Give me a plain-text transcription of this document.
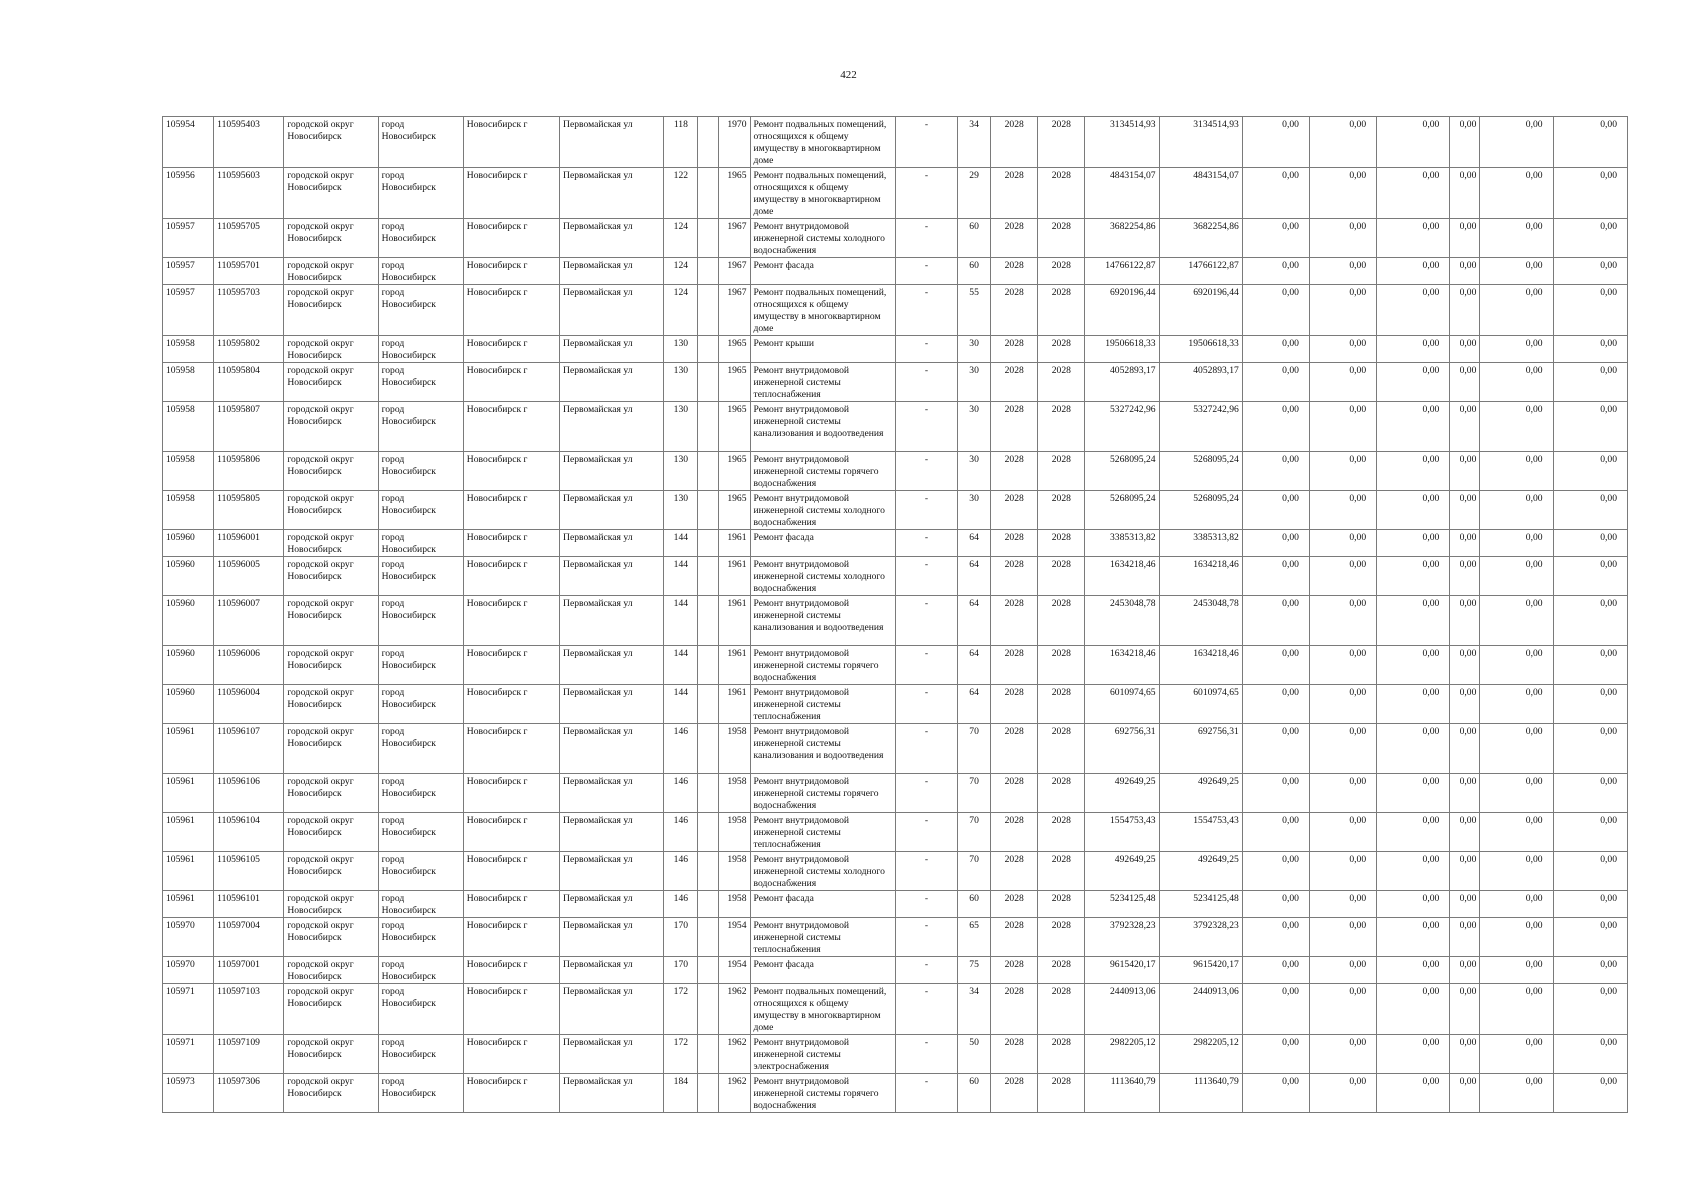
422
105954	110595403	городской округ Новосибирск	город Новосибирск	Новосибирск г	Первомайская ул	118		1970	Ремонт подвальных помещений, относящихся к общему имуществу в многоквартирном доме	-	34	2028	2028	3134514,93	3134514,93	0,00	0,00	0,00	0,00	0,00	0,00
105956	110595603	городской округ Новосибирск	город Новосибирск	Новосибирск г	Первомайская ул	122		1965	Ремонт подвальных помещений, относящихся к общему имуществу в многоквартирном доме	-	29	2028	2028	4843154,07	4843154,07	0,00	0,00	0,00	0,00	0,00	0,00
105957	110595705	городской округ Новосибирск	город Новосибирск	Новосибирск г	Первомайская ул	124		1967	Ремонт внутридомовой инженерной системы холодного водоснабжения	-	60	2028	2028	3682254,86	3682254,86	0,00	0,00	0,00	0,00	0,00	0,00
105957	110595701	городской округ Новосибирск	город Новосибирск	Новосибирск г	Первомайская ул	124		1967	Ремонт фасада	-	60	2028	2028	14766122,87	14766122,87	0,00	0,00	0,00	0,00	0,00	0,00
105957	110595703	городской округ Новосибирск	город Новосибирск	Новосибирск г	Первомайская ул	124		1967	Ремонт подвальных помещений, относящихся к общему имуществу в многоквартирном доме	-	55	2028	2028	6920196,44	6920196,44	0,00	0,00	0,00	0,00	0,00	0,00
105958	110595802	городской округ Новосибирск	город Новосибирск	Новосибирск г	Первомайская ул	130		1965	Ремонт крыши	-	30	2028	2028	19506618,33	19506618,33	0,00	0,00	0,00	0,00	0,00	0,00
105958	110595804	городской округ Новосибирск	город Новосибирск	Новосибирск г	Первомайская ул	130		1965	Ремонт внутридомовой инженерной системы теплоснабжения	-	30	2028	2028	4052893,17	4052893,17	0,00	0,00	0,00	0,00	0,00	0,00
105958	110595807	городской округ Новосибирск	город Новосибирск	Новосибирск г	Первомайская ул	130		1965	Ремонт внутридомовой инженерной системы канализования и водоотведения	-	30	2028	2028	5327242,96	5327242,96	0,00	0,00	0,00	0,00	0,00	0,00
105958	110595806	городской округ Новосибирск	город Новосибирск	Новосибирск г	Первомайская ул	130		1965	Ремонт внутридомовой инженерной системы горячего водоснабжения	-	30	2028	2028	5268095,24	5268095,24	0,00	0,00	0,00	0,00	0,00	0,00
105958	110595805	городской округ Новосибирск	город Новосибирск	Новосибирск г	Первомайская ул	130		1965	Ремонт внутридомовой инженерной системы холодного водоснабжения	-	30	2028	2028	5268095,24	5268095,24	0,00	0,00	0,00	0,00	0,00	0,00
105960	110596001	городской округ Новосибирск	город Новосибирск	Новосибирск г	Первомайская ул	144		1961	Ремонт фасада	-	64	2028	2028	3385313,82	3385313,82	0,00	0,00	0,00	0,00	0,00	0,00
105960	110596005	городской округ Новосибирск	город Новосибирск	Новосибирск г	Первомайская ул	144		1961	Ремонт внутридомовой инженерной системы холодного водоснабжения	-	64	2028	2028	1634218,46	1634218,46	0,00	0,00	0,00	0,00	0,00	0,00
105960	110596007	городской округ Новосибирск	город Новосибирск	Новосибирск г	Первомайская ул	144		1961	Ремонт внутридомовой инженерной системы канализования и водоотведения	-	64	2028	2028	2453048,78	2453048,78	0,00	0,00	0,00	0,00	0,00	0,00
105960	110596006	городской округ Новосибирск	город Новосибирск	Новосибирск г	Первомайская ул	144		1961	Ремонт внутридомовой инженерной системы горячего водоснабжения	-	64	2028	2028	1634218,46	1634218,46	0,00	0,00	0,00	0,00	0,00	0,00
105960	110596004	городской округ Новосибирск	город Новосибирск	Новосибирск г	Первомайская ул	144		1961	Ремонт внутридомовой инженерной системы теплоснабжения	-	64	2028	2028	6010974,65	6010974,65	0,00	0,00	0,00	0,00	0,00	0,00
105961	110596107	городской округ Новосибирск	город Новосибирск	Новосибирск г	Первомайская ул	146		1958	Ремонт внутридомовой инженерной системы канализования и водоотведения	-	70	2028	2028	692756,31	692756,31	0,00	0,00	0,00	0,00	0,00	0,00
105961	110596106	городской округ Новосибирск	город Новосибирск	Новосибирск г	Первомайская ул	146		1958	Ремонт внутридомовой инженерной системы горячего водоснабжения	-	70	2028	2028	492649,25	492649,25	0,00	0,00	0,00	0,00	0,00	0,00
105961	110596104	городской округ Новосибирск	город Новосибирск	Новосибирск г	Первомайская ул	146		1958	Ремонт внутридомовой инженерной системы теплоснабжения	-	70	2028	2028	1554753,43	1554753,43	0,00	0,00	0,00	0,00	0,00	0,00
105961	110596105	городской округ Новосибирск	город Новосибирск	Новосибирск г	Первомайская ул	146		1958	Ремонт внутридомовой инженерной системы холодного водоснабжения	-	70	2028	2028	492649,25	492649,25	0,00	0,00	0,00	0,00	0,00	0,00
105961	110596101	городской округ Новосибирск	город Новосибирск	Новосибирск г	Первомайская ул	146		1958	Ремонт фасада	-	60	2028	2028	5234125,48	5234125,48	0,00	0,00	0,00	0,00	0,00	0,00
105970	110597004	городской округ Новосибирск	город Новосибирск	Новосибирск г	Первомайская ул	170		1954	Ремонт внутридомовой инженерной системы теплоснабжения	-	65	2028	2028	3792328,23	3792328,23	0,00	0,00	0,00	0,00	0,00	0,00
105970	110597001	городской округ Новосибирск	город Новосибирск	Новосибирск г	Первомайская ул	170		1954	Ремонт фасада	-	75	2028	2028	9615420,17	9615420,17	0,00	0,00	0,00	0,00	0,00	0,00
105971	110597103	городской округ Новосибирск	город Новосибирск	Новосибирск г	Первомайская ул	172		1962	Ремонт подвальных помещений, относящихся к общему имуществу в многоквартирном доме	-	34	2028	2028	2440913,06	2440913,06	0,00	0,00	0,00	0,00	0,00	0,00
105971	110597109	городской округ Новосибирск	город Новосибирск	Новосибирск г	Первомайская ул	172		1962	Ремонт внутридомовой инженерной системы электроснабжения	-	50	2028	2028	2982205,12	2982205,12	0,00	0,00	0,00	0,00	0,00	0,00
105973	110597306	городской округ Новосибирск	город Новосибирск	Новосибирск г	Первомайская ул	184		1962	Ремонт внутридомовой инженерной системы горячего водоснабжения	-	60	2028	2028	1113640,79	1113640,79	0,00	0,00	0,00	0,00	0,00	0,00
